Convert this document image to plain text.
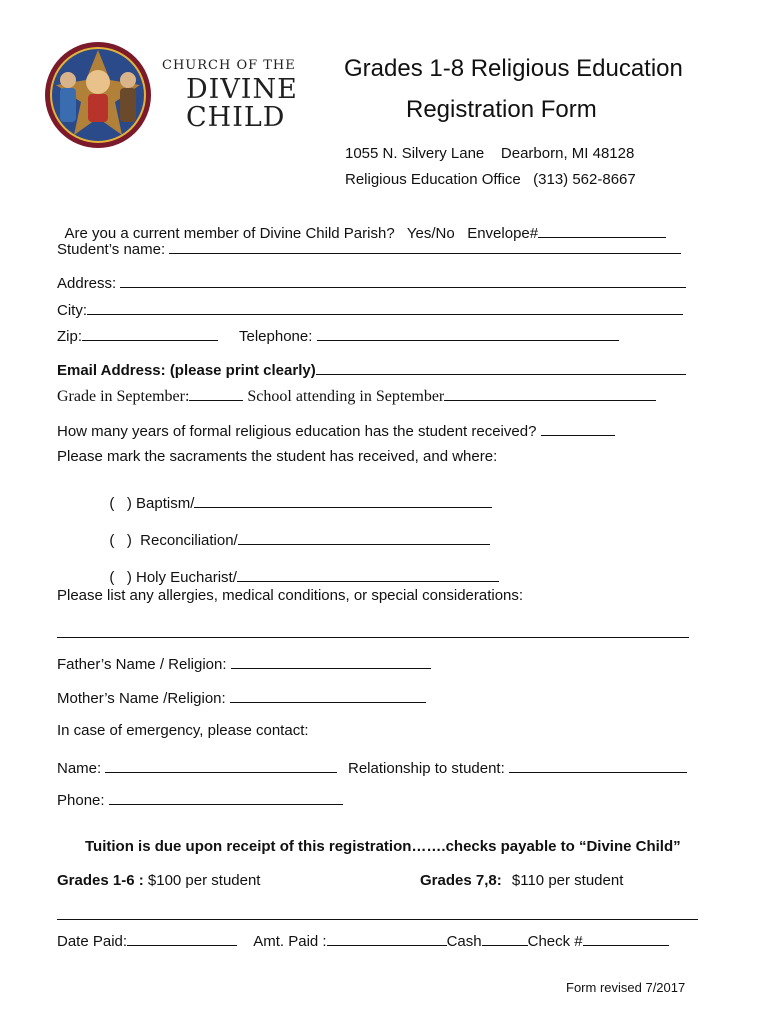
CHURCH OF THE
DIVINE
CHILD
Grades 1-8 Religious Education
Registration Form
1055 N. Silvery Lane    Dearborn, MI 48128
Religious Education Office   (313) 562-8667

Are you a current member of Divine Child Parish?   Yes/No   Envelope#

Student’s name:
Address:
City:
Zip:	Telephone:
Email Address: (please print clearly)
Grade in September:	School attending in September
How many years of formal religious education has the student received?
Please mark the sacraments the student has received, and where:

(   ) Baptism/

(   )  Reconciliation/

(   ) Holy Eucharist/

Please list any allergies, medical conditions, or special considerations:
Father’s Name / Religion:
Mother’s Name /Religion:
In case of emergency, please contact:
Name:	Relationship to student:
Phone:
Tuition is due upon receipt of this registration…….checks payable to “Divine Child”
Grades 1-6 : $100 per student	Grades 7,8: $110 per student
Date Paid:	Amt. Paid :	Cash	Check #
Form revised 7/2017
